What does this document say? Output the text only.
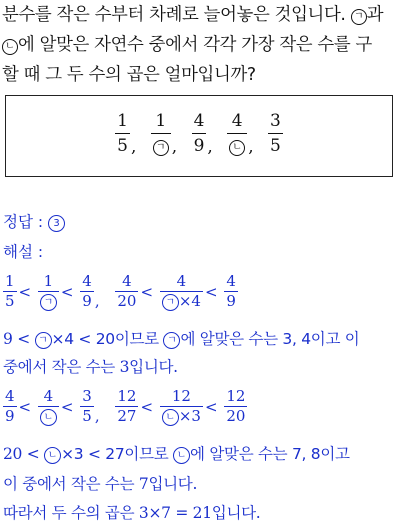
분수를 작은 수부터 차례로 늘어놓은 것입니다. ㄱ 과
ㄴ 에 알맞은 자연수 중에서 각각 가장 작은 수를 구
할 때 그 두 수의 곱은 얼마입니까?
$\frac{1}{5}$ , $\frac{1}{\text{ㄱ}}$ , $\frac{4}{9}$ , $\frac{4}{\text{ㄴ}}$ , $\frac{3}{5}$
정답 : 3
해설 :
$\frac{1}{5} < \frac{1}{\text{ㄱ}} < \frac{4}{9}$ , $\frac{4}{20} < \frac{4}{\text{ㄱ ×4}} < \frac{4}{9}$
9 < ㄱ ×4 < 20이므로 ㄱ 에 알맞은 수는 3, 4이고 이
중에서 작은 수는 3입니다.
$\frac{4}{9} < \frac{4}{\text{ㄴ}} < \frac{3}{5}$ , $\frac{12}{27} < \frac{12}{\text{ㄴ ×3}} < \frac{12}{20}$
20 < ㄴ ×3 < 27이므로 ㄴ 에 알맞은 수는 7, 8이고
이 중에서 작은 수는 7입니다.
따라서 두 수의 곱은 3×7 = 21입니다.
